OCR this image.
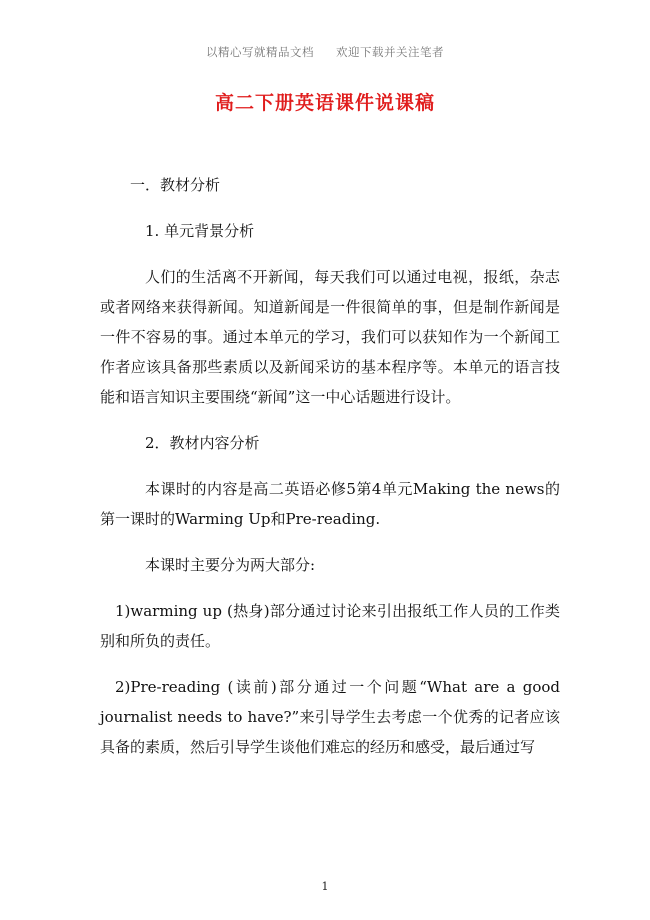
以精心写就精品文档 欢迎下载并关注笔者
高二下册英语课件说课稿

一．教材分析

1. 单元背景分析

人们的生活离不开新闻，每天我们可以通过电视，报纸，杂志或者网络来获得新闻。知道新闻是一件很简单的事，但是制作新闻是一件不容易的事。通过本单元的学习，我们可以获知作为一个新闻工作者应该具备那些素质以及新闻采访的基本程序等。本单元的语言技能和语言知识主要围绕“新闻”这一中心话题进行设计。

2．教材内容分析

本课时的内容是高二英语必修5第4单元Making the news的第一课时的Warming Up和Pre-reading.

本课时主要分为两大部分:

1)warming up (热身)部分通过讨论来引出报纸工作人员的工作类别和所负的责任。

2)Pre-reading (读前)部分通过一个问题“What are a good journalist needs to have?”来引导学生去考虑一个优秀的记者应该具备的素质，然后引导学生谈他们难忘的经历和感受，最后通过写

1
